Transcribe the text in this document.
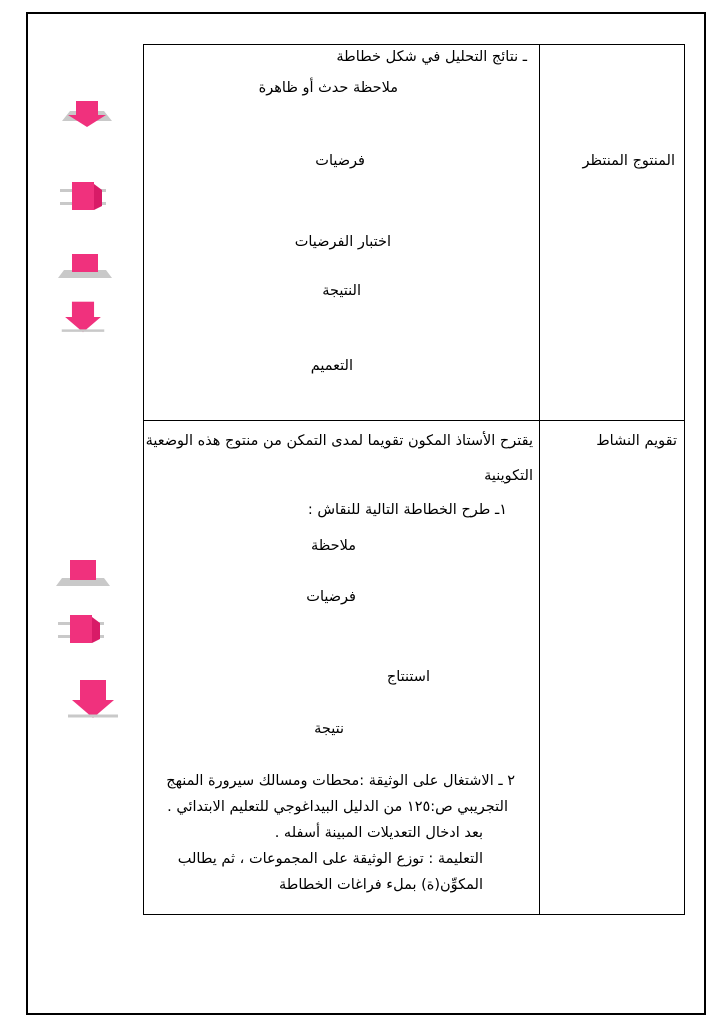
المنتوج المنتظر
ـ نتائج التحليل في شكل خطاطة
ملاحظة حدث أو ظاهرة
فرضيات
اختبار الفرضيات
النتيجة
التعميم
تقويم النشاط
يقترح الأستاذ المكون تقويما لمدى التمكن من منتوج هذه الوضعية
التكوينية
١ـ طرح الخطاطة التالية للنقاش :
ملاحظة
فرضيات
استنتاج
نتيجة
٢ ـ الاشتغال على الوثيقة :محطات ومسالك سيرورة المنهج
التجريبي ص:١٢٥ من الدليل البيداغوجي للتعليم الابتدائي .
بعد ادخال التعديلات المبينة أسفله .
التعليمة : توزع الوثيقة على المجموعات ، ثم يطالب
المكوِّن(ة) بملء فراغات الخطاطة
